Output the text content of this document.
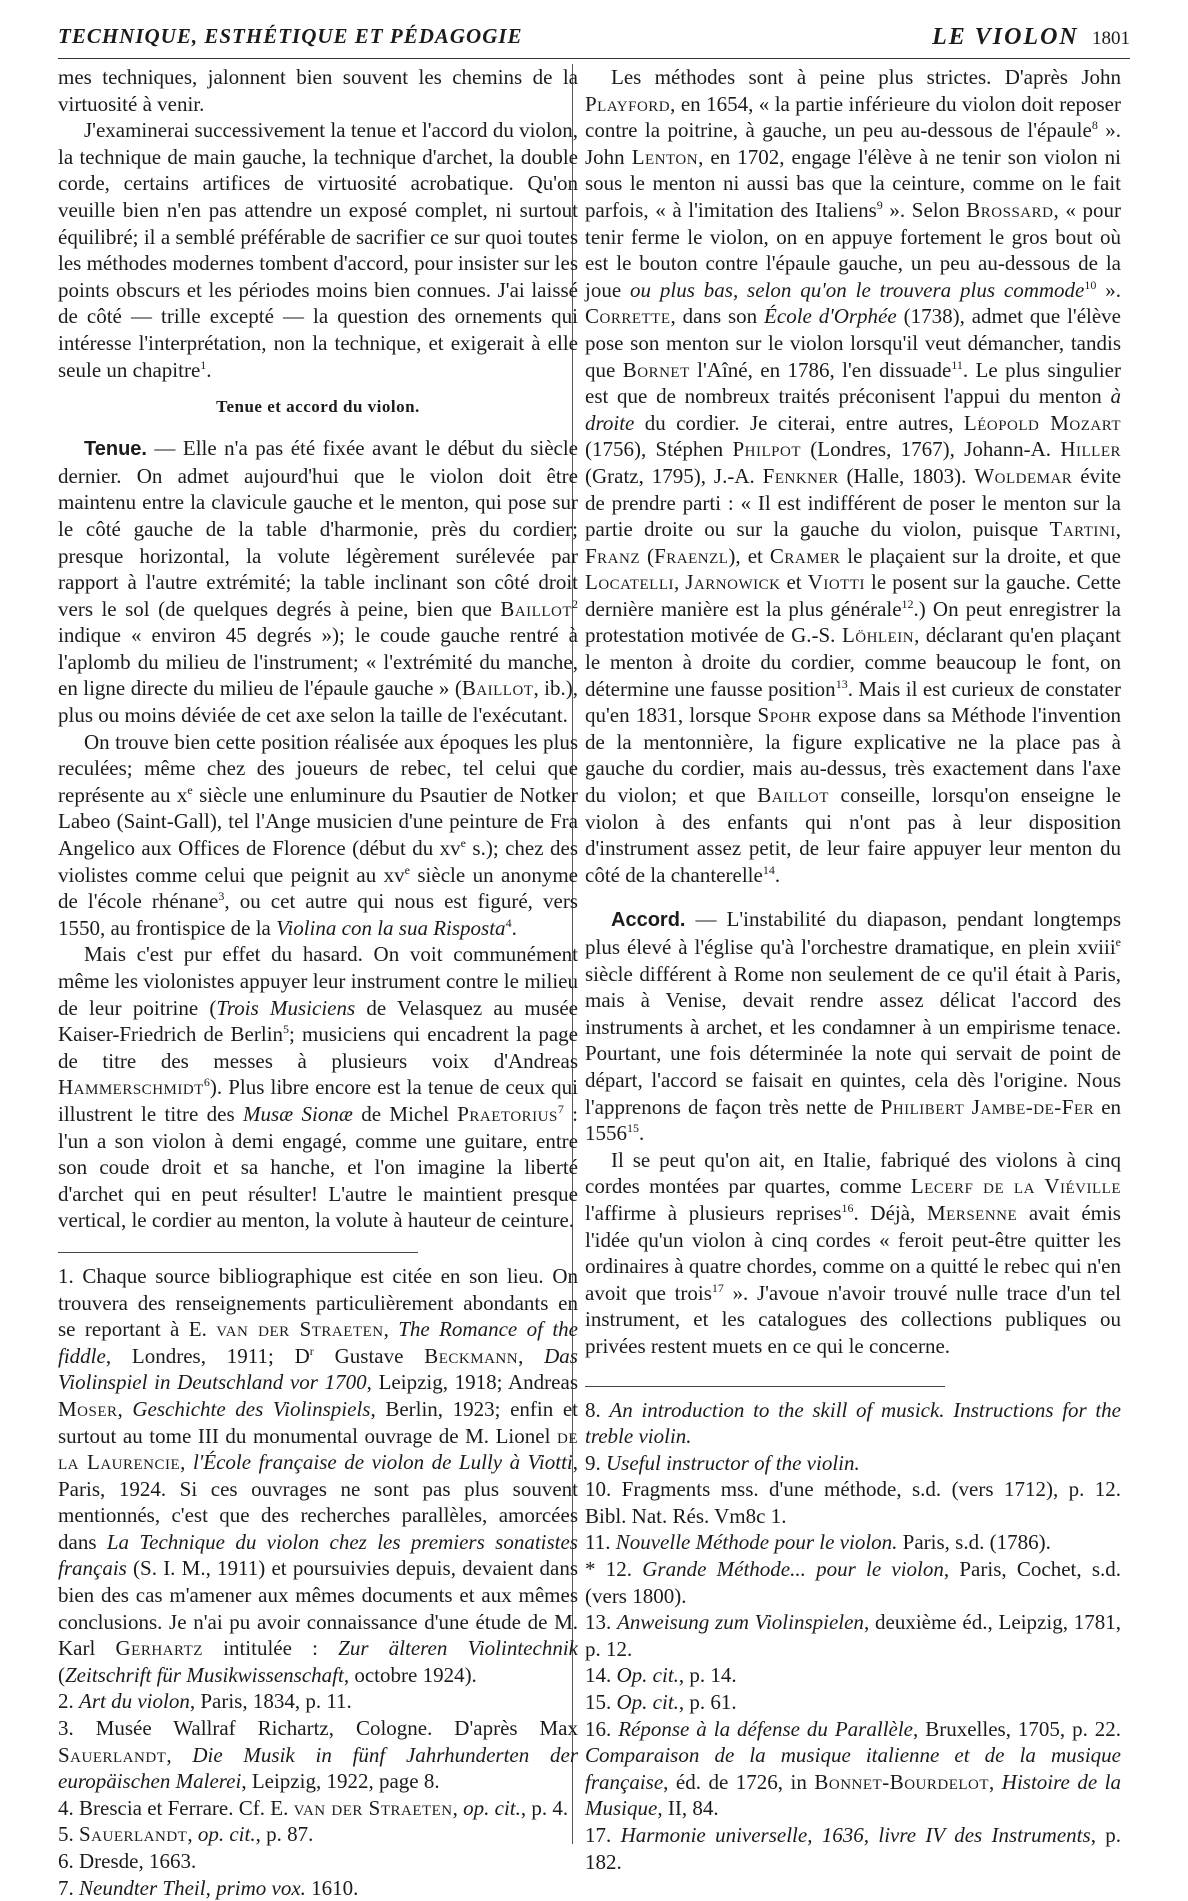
TECHNIQUE, ESTHÉTIQUE ET PÉDAGOGIE	LE VIOLON 1801

mes techniques, jalonnent bien souvent les chemins de la virtuosité à venir.

J'examinerai successivement la tenue et l'accord du violon, la technique de main gauche, la technique d'archet, la double corde, certains artifices de virtuosité acrobatique. Qu'on veuille bien n'en pas attendre un exposé complet, ni surtout équilibré; il a semblé préférable de sacrifier ce sur quoi toutes les méthodes modernes tombent d'accord, pour insister sur les points obscurs et les périodes moins bien connues. J'ai laissé de côté — trille excepté — la question des ornements qui intéresse l'interprétation, non la technique, et exigerait à elle seule un chapitre$^1$.

Tenue et accord du violon.

Tenue. — Elle n'a pas été fixée avant le début du siècle dernier. On admet aujourd'hui que le violon doit être maintenu entre la clavicule gauche et le menton, qui pose sur le côté gauche de la table d'harmonie, près du cordier; presque horizontal, la volute légèrement surélevée par rapport à l'autre extrémité; la table inclinant son côté droit vers le sol (de quelques degrés à peine, bien que Baillot$^2$ indique « environ 45 degrés »); le coude gauche rentré à l'aplomb du milieu de l'instrument; « l'extrémité du manche, en ligne directe du milieu de l'épaule gauche » (Baillot, ib.), plus ou moins déviée de cet axe selon la taille de l'exécutant.

On trouve bien cette position réalisée aux époques les plus reculées; même chez des joueurs de rebec, tel celui que représente au $x^e$ siècle une enluminure du Psautier de Notker Labeo (Saint-Gall), tel l'Ange musicien d'une peinture de Fra Angelico aux Offices de Florence (début du $xv^e$ s.); chez des violistes comme celui que peignit au $xv^e$ siècle un anonyme de l'école rhénane$^3$, ou cet autre qui nous est figuré, vers 1550, au frontispice de la Violina con la sua Risposta$^4$.

Mais c'est pur effet du hasard. On voit communément même les violonistes appuyer leur instrument contre le milieu de leur poitrine (Trois Musiciens de Velasquez au musée Kaiser-Friedrich de Berlin$^5$; musiciens qui encadrent la page de titre des messes à plusieurs voix d'Andreas Hammerschmidt$^6$). Plus libre encore est la tenue de ceux qui illustrent le titre des Musæ Sionæ de Michel Praetorius$^7$ : l'un a son violon à demi engagé, comme une guitare, entre son coude droit et sa hanche, et l'on imagine la liberté d'archet qui en peut résulter! L'autre le maintient presque vertical, le cordier au menton, la volute à hauteur de ceinture.

1. Chaque source bibliographique est citée en son lieu. On trouvera des renseignements particulièrement abondants en se reportant à E. van der Straeten, The Romance of the fiddle, Londres, 1911; $D^r$ Gustave Beckmann, Das Violinspiel in Deutschland vor 1700, Leipzig, 1918; Andreas Moser, Geschichte des Violinspiels, Berlin, 1923; enfin et surtout au tome III du monumental ouvrage de M. Lionel de la Laurencie, l'École française de violon de Lully à Viotti, Paris, 1924. Si ces ouvrages ne sont pas plus souvent mentionnés, c'est que des recherches parallèles, amorcées dans La Technique du violon chez les premiers sonatistes français (S. I. M., 1911) et poursuivies depuis, devaient dans bien des cas m'amener aux mêmes documents et aux mêmes conclusions. Je n'ai pu avoir connaissance d'une étude de M. Karl Gerhartz intitulée : Zur älteren Violintechnik (Zeitschrift für Musikwissenschaft, octobre 1924).

2. Art du violon, Paris, 1834, p. 11.

3. Musée Wallraf Richartz, Cologne. D'après Max Sauerlandt, Die Musik in fünf Jahrhunderten der europäischen Malerei, Leipzig, 1922, page 8.

4. Brescia et Ferrare. Cf. E. van der Straeten, op. cit., p. 4.

5. Sauerlandt, op. cit., p. 87.

6. Dresde, 1663.

7. Neundter Theil, primo vox. 1610.

Les méthodes sont à peine plus strictes. D'après John Playford, en 1654, « la partie inférieure du violon doit reposer contre la poitrine, à gauche, un peu au-dessous de l'épaule$^8$ ». John Lenton, en 1702, engage l'élève à ne tenir son violon ni sous le menton ni aussi bas que la ceinture, comme on le fait parfois, « à l'imitation des Italiens$^9$ ». Selon Brossard, « pour tenir ferme le violon, on en appuye fortement le gros bout où est le bouton contre l'épaule gauche, un peu au-dessous de la joue ou plus bas, selon qu'on le trouvera plus commode$^{10}$ ». Corrette, dans son École d'Orphée (1738), admet que l'élève pose son menton sur le violon lorsqu'il veut démancher, tandis que Bornet l'Aîné, en 1786, l'en dissuade$^{11}$. Le plus singulier est que de nombreux traités préconisent l'appui du menton à droite du cordier. Je citerai, entre autres, Léopold Mozart (1756), Stéphen Philpot (Londres, 1767), Johann-A. Hiller (Gratz, 1795), J.-A. Fenkner (Halle, 1803). Woldemar évite de prendre parti : « Il est indifférent de poser le menton sur la partie droite ou sur la gauche du violon, puisque Tartini, Franz (Fraenzl), et Cramer le plaçaient sur la droite, et que Locatelli, Jarnowick et Viotti le posent sur la gauche. Cette dernière manière est la plus générale$^{12}$.) On peut enregistrer la protestation motivée de G.-S. Löhlein, déclarant qu'en plaçant le menton à droite du cordier, comme beaucoup le font, on détermine une fausse position$^{13}$. Mais il est curieux de constater qu'en 1831, lorsque Spohr expose dans sa Méthode l'invention de la mentonnière, la figure explicative ne la place pas à gauche du cordier, mais au-dessus, très exactement dans l'axe du violon; et que Baillot conseille, lorsqu'on enseigne le violon à des enfants qui n'ont pas à leur disposition d'instrument assez petit, de leur faire appuyer leur menton du côté de la chanterelle$^{14}$.

Accord. — L'instabilité du diapason, pendant longtemps plus élevé à l'église qu'à l'orchestre dramatique, en plein xviii$^e$ siècle différent à Rome non seulement de ce qu'il était à Paris, mais à Venise, devait rendre assez délicat l'accord des instruments à archet, et les condamner à un empirisme tenace. Pourtant, une fois déterminée la note qui servait de point de départ, l'accord se faisait en quintes, cela dès l'origine. Nous l'apprenons de façon très nette de Philibert Jambe-de-Fer en 1556$^{15}$.

Il se peut qu'on ait, en Italie, fabriqué des violons à cinq cordes montées par quartes, comme Lecerf de la Viéville l'affirme à plusieurs reprises$^{16}$. Déjà, Mersenne avait émis l'idée qu'un violon à cinq cordes « feroit peut-être quitter les ordinaires à quatre chordes, comme on a quitté le rebec qui n'en avoit que trois$^{17}$ ». J'avoue n'avoir trouvé nulle trace d'un tel instrument, et les catalogues des collections publiques ou privées restent muets en ce qui le concerne.

8. An introduction to the skill of musick. Instructions for the treble violin.

9. Useful instructor of the violin.

10. Fragments mss. d'une méthode, s.d. (vers 1712), p. 12. Bibl. Nat. Rés. Vm8c 1.

11. Nouvelle Méthode pour le violon. Paris, s.d. (1786).

* 12. Grande Méthode... pour le violon, Paris, Cochet, s.d. (vers 1800).

13. Anweisung zum Violinspielen, deuxième éd., Leipzig, 1781, p. 12.

14. Op. cit., p. 14.

15. Op. cit., p. 61.

16. Réponse à la défense du Parallèle, Bruxelles, 1705, p. 22. Comparaison de la musique italienne et de la musique française, éd. de 1726, in Bonnet-Bourdelot, Histoire de la Musique, II, 84.

17. Harmonie universelle, 1636, livre IV des Instruments, p. 182.
